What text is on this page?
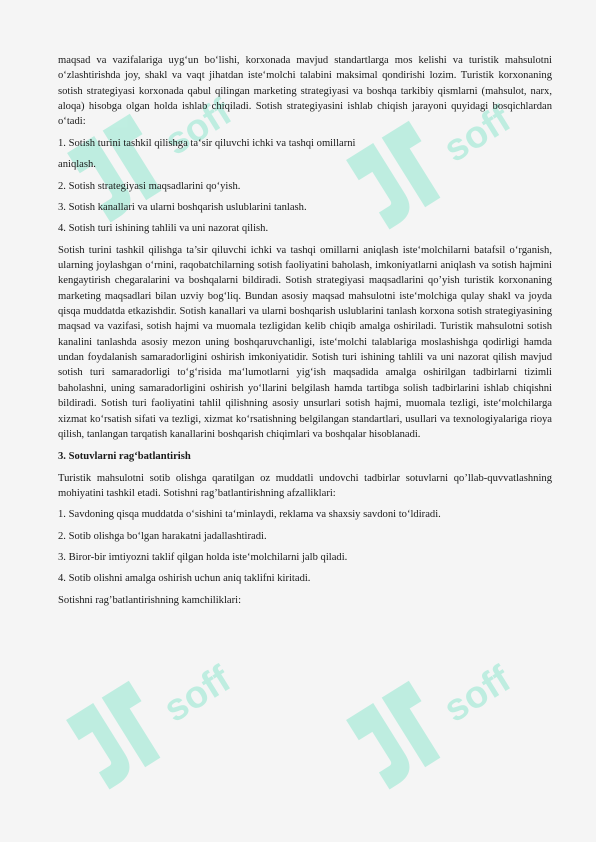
soff	soff
soff	soff

maqsad va vazifalariga uyg‘un bo‘lishi, korxonada mavjud standartlarga mos kelishi va turistik mahsulotni o‘zlashtirishda joy, shakl va vaqt jihatdan iste‘molchi talabini maksimal qondirishi lozim. Turistik korxonaning sotish strategiyasi korxonada qabul qilingan marketing strategiyasi va boshqa tarkibiy qismlarni (mahsulot, narx, aloqa) hisobga olgan holda ishlab chiqiladi. Sotish strategiyasini ishlab chiqish jarayoni quyidagi bosqichlardan o‘tadi:

1. Sotish turini tashkil qilishga ta‘sir qiluvchi ichki va tashqi omillarni

aniqlash.

2. Sotish strategiyasi maqsadlarini qo‘yish.

3. Sotish kanallari va ularni boshqarish uslublarini tanlash.

4. Sotish turi ishining tahlili va uni nazorat qilish.

Sotish turini tashkil qilishga ta’sir qiluvchi ichki va tashqi omillarni aniqlash iste‘molchilarni batafsil o‘rganish, ularning joylashgan o‘rnini, raqobatchilarning sotish faoliyatini baholash, imkoniyatlarni aniqlash va sotish hajmini kengaytirish chegaralarini va boshqalarni bildiradi. Sotish strategiyasi maqsadlarini qo’yish turistik korxonaning marketing maqsadlari bilan uzviy bog‘liq. Bundan asosiy maqsad mahsulotni iste‘molchiga qulay shakl va joyda qisqa muddatda etkazishdir. Sotish kanallari va ularni boshqarish uslublarini tanlash korxona sotish strategiyasining maqsad va vazifasi, sotish hajmi va muomala tezligidan kelib chiqib amalga oshiriladi. Turistik mahsulotni sotish kanalini tanlashda asosiy mezon uning boshqaruvchanligi, iste‘molchi talablariga moslashishga qodirligi hamda undan foydalanish samaradorligini oshirish imkoniyatidir. Sotish turi ishining tahlili va uni nazorat qilish mavjud sotish turi samaradorligi to‘g‘risida ma‘lumotlarni yig‘ish maqsadida amalga oshirilgan tadbirlarni tizimli baholashni, uning samaradorligini oshirish yo‘llarini belgilash hamda tartibga solish tadbirlarini ishlab chiqishni bildiradi. Sotish turi faoliyatini tahlil qilishning asosiy unsurlari sotish hajmi, muomala tezligi, iste‘molchilarga xizmat ko‘rsatish sifati va tezligi, xizmat ko‘rsatishning belgilangan standartlari, usullari va texnologiyalariga rioya qilish, tanlangan tarqatish kanallarini boshqarish chiqimlari va boshqalar hisoblanadi.

3. Sotuvlarni rag‘batlantirish

Turistik mahsulotni sotib olishga qaratilgan oz muddatli undovchi tadbirlar sotuvlarni qo’llab-quvvatlashning mohiyatini tashkil etadi. Sotishni rag’batlantirishning afzalliklari:

1. Savdoning qisqa muddatda o‘sishini ta‘minlaydi, reklama va shaxsiy savdoni to‘ldiradi.

2. Sotib olishga bo‘lgan harakatni jadallashtiradi.

3. Biror-bir imtiyozni taklif qilgan holda iste‘molchilarni jalb qiladi.

4. Sotib olishni amalga oshirish uchun aniq taklifni kiritadi.

Sotishni rag’batlantirishning kamchiliklari:
